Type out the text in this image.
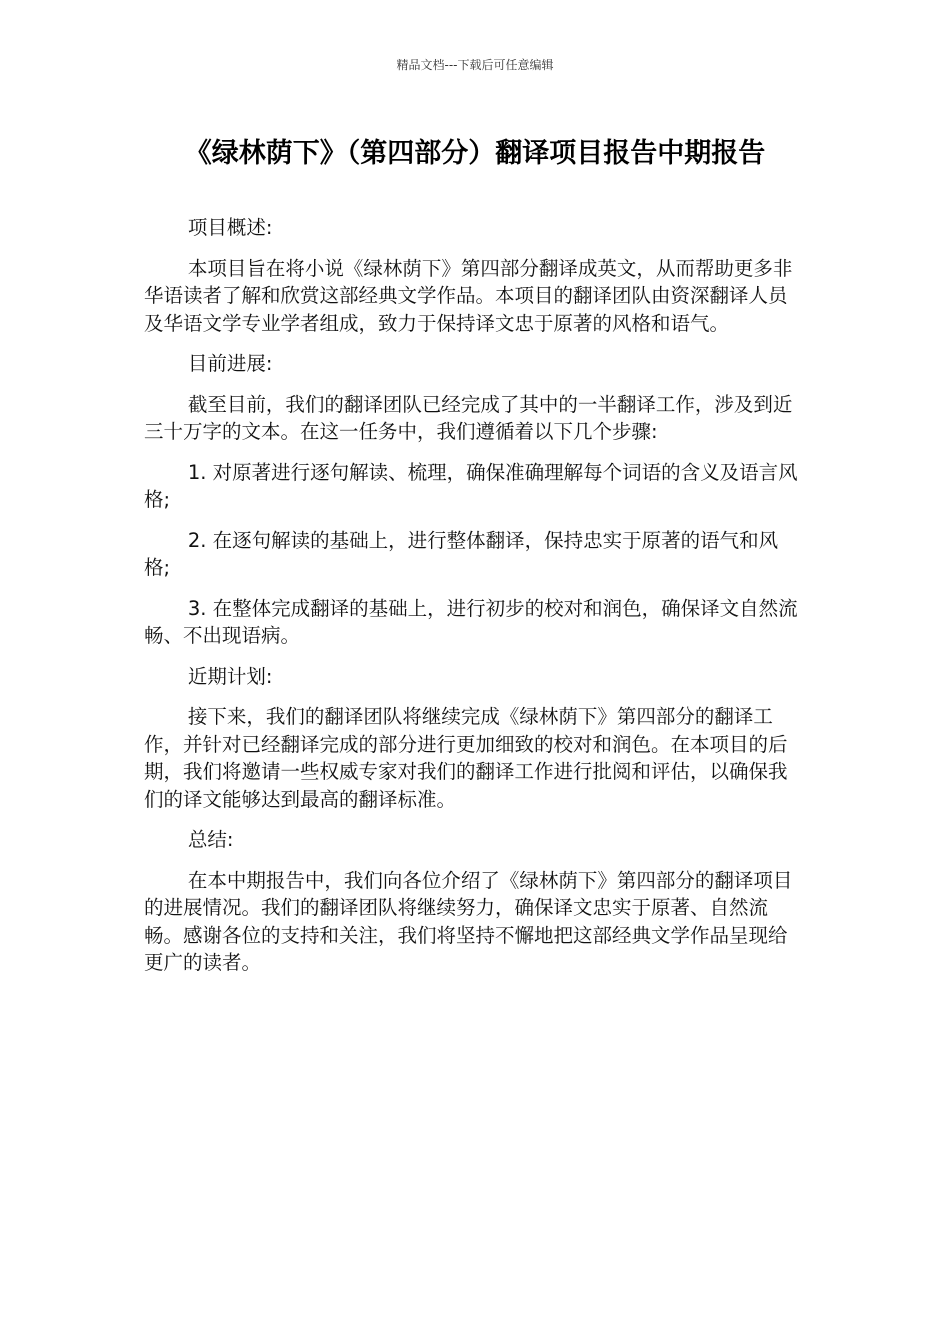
精品文档---下载后可任意编辑
《绿林荫下》（第四部分）翻译项目报告中期报告

项目概述:

本项目旨在将小说《绿林荫下》第四部分翻译成英文，从而帮助更多非华语读者了解和欣赏这部经典文学作品。本项目的翻译团队由资深翻译人员及华语文学专业学者组成，致力于保持译文忠于原著的风格和语气。

目前进展:

截至目前，我们的翻译团队已经完成了其中的一半翻译工作，涉及到近三十万字的文本。在这一任务中，我们遵循着以下几个步骤:

1. 对原著进行逐句解读、梳理，确保准确理解每个词语的含义及语言风格;

2. 在逐句解读的基础上，进行整体翻译，保持忠实于原著的语气和风格;

3. 在整体完成翻译的基础上，进行初步的校对和润色，确保译文自然流畅、不出现语病。

近期计划:

接下来，我们的翻译团队将继续完成《绿林荫下》第四部分的翻译工作，并针对已经翻译完成的部分进行更加细致的校对和润色。在本项目的后期，我们将邀请一些权威专家对我们的翻译工作进行批阅和评估，以确保我们的译文能够达到最高的翻译标准。

总结:

在本中期报告中，我们向各位介绍了《绿林荫下》第四部分的翻译项目的进展情况。我们的翻译团队将继续努力，确保译文忠实于原著、自然流畅。感谢各位的支持和关注，我们将坚持不懈地把这部经典文学作品呈现给更广的读者。
